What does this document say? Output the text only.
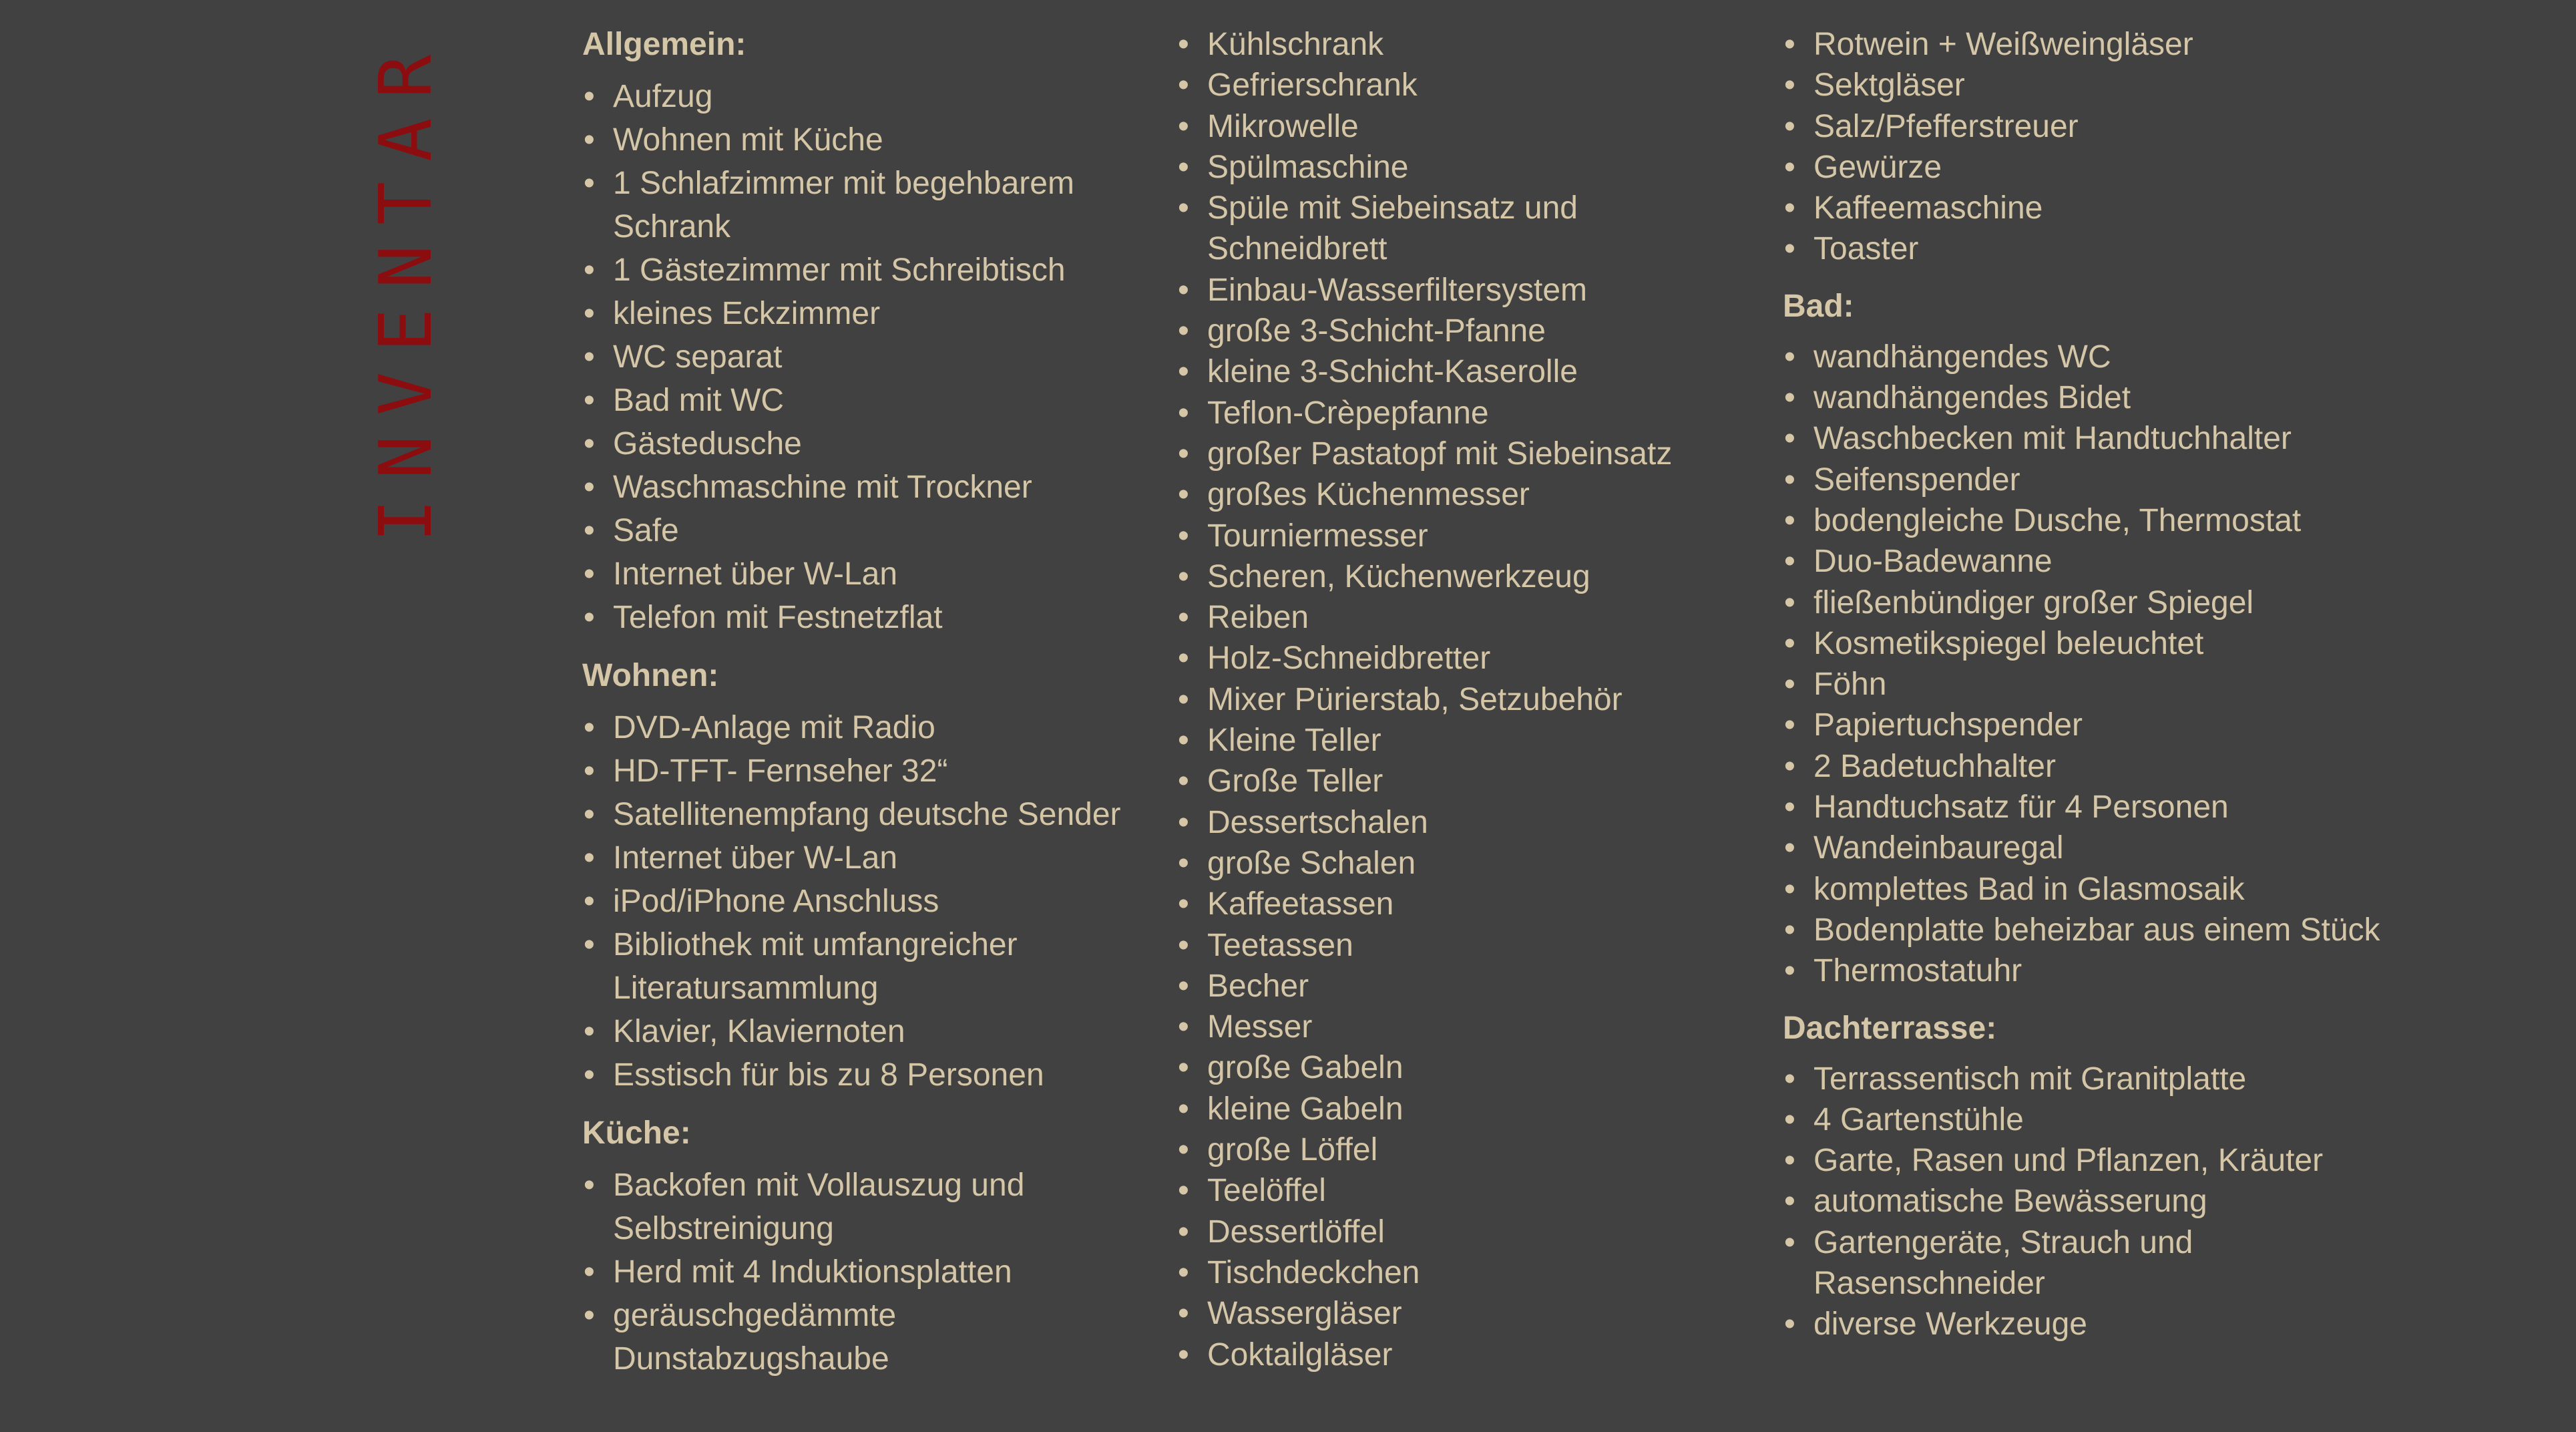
INVENTAR	Allgemein:
• Aufzug
• Wohnen mit Küche
• 1 Schlafzimmer mit begehbarem Schrank
• 1 Gästezimmer mit Schreibtisch
• kleines Eckzimmer
• WC separat
• Bad mit WC
• Gästedusche
• Waschmaschine mit Trockner
• Safe
• Internet über W-Lan
• Telefon mit Festnetzflat
Wohnen:
• DVD-Anlage mit Radio
• HD-TFT- Fernseher 32“
• Satellitenempfang deutsche Sender
• Internet über W-Lan
• iPod/iPhone Anschluss
• Bibliothek mit umfangreicher Literatursammlung
• Klavier, Klaviernoten
• Esstisch für bis zu 8 Personen
Küche:
• Backofen mit Vollauszug und Selbstreinigung
• Herd mit 4 Induktionsplatten
• geräuschgedämmte Dunstabzugshaube
• Kühlschrank
• Gefrierschrank
• Mikrowelle
• Spülmaschine
• Spüle mit Siebeinsatz und Schneidbrett
• Einbau-Wasserfiltersystem
• große 3-Schicht-Pfanne
• kleine 3-Schicht-Kaserolle
• Teflon-Crèpepfanne
• großer Pastatopf mit Siebeinsatz
• großes Küchenmesser
• Tourniermesser
• Scheren, Küchenwerkzeug
• Reiben
• Holz-Schneidbretter
• Mixer Pürierstab, Setzubehör
• Kleine Teller
• Große Teller
• Dessertschalen
• große Schalen
• Kaffeetassen
• Teetassen
• Becher
• Messer
• große Gabeln
• kleine Gabeln
• große Löffel
• Teelöffel
• Dessertlöffel
• Tischdeckchen
• Wassergläser
• Coktailgläser
• Rotwein + Weißweingläser
• Sektgläser
• Salz/Pfefferstreuer
• Gewürze
• Kaffeemaschine
• Toaster
Bad:
• wandhängendes WC
• wandhängendes Bidet
• Waschbecken mit Handtuchhalter
• Seifenspender
• bodengleiche Dusche, Thermostat
• Duo-Badewanne
• fließenbündiger großer Spiegel
• Kosmetikspiegel beleuchtet
• Föhn
• Papiertuchspender
• 2 Badetuchhalter
• Handtuchsatz für 4 Personen
• Wandeinbauregal
• komplettes Bad in Glasmosaik
• Bodenplatte beheizbar aus einem Stück
• Thermostatuhr
Dachterrasse:
• Terrassentisch mit Granitplatte
• 4 Gartenstühle
• Garte, Rasen und Pflanzen, Kräuter
• automatische Bewässerung
• Gartengeräte, Strauch und Rasenschneider
• diverse Werkzeuge
